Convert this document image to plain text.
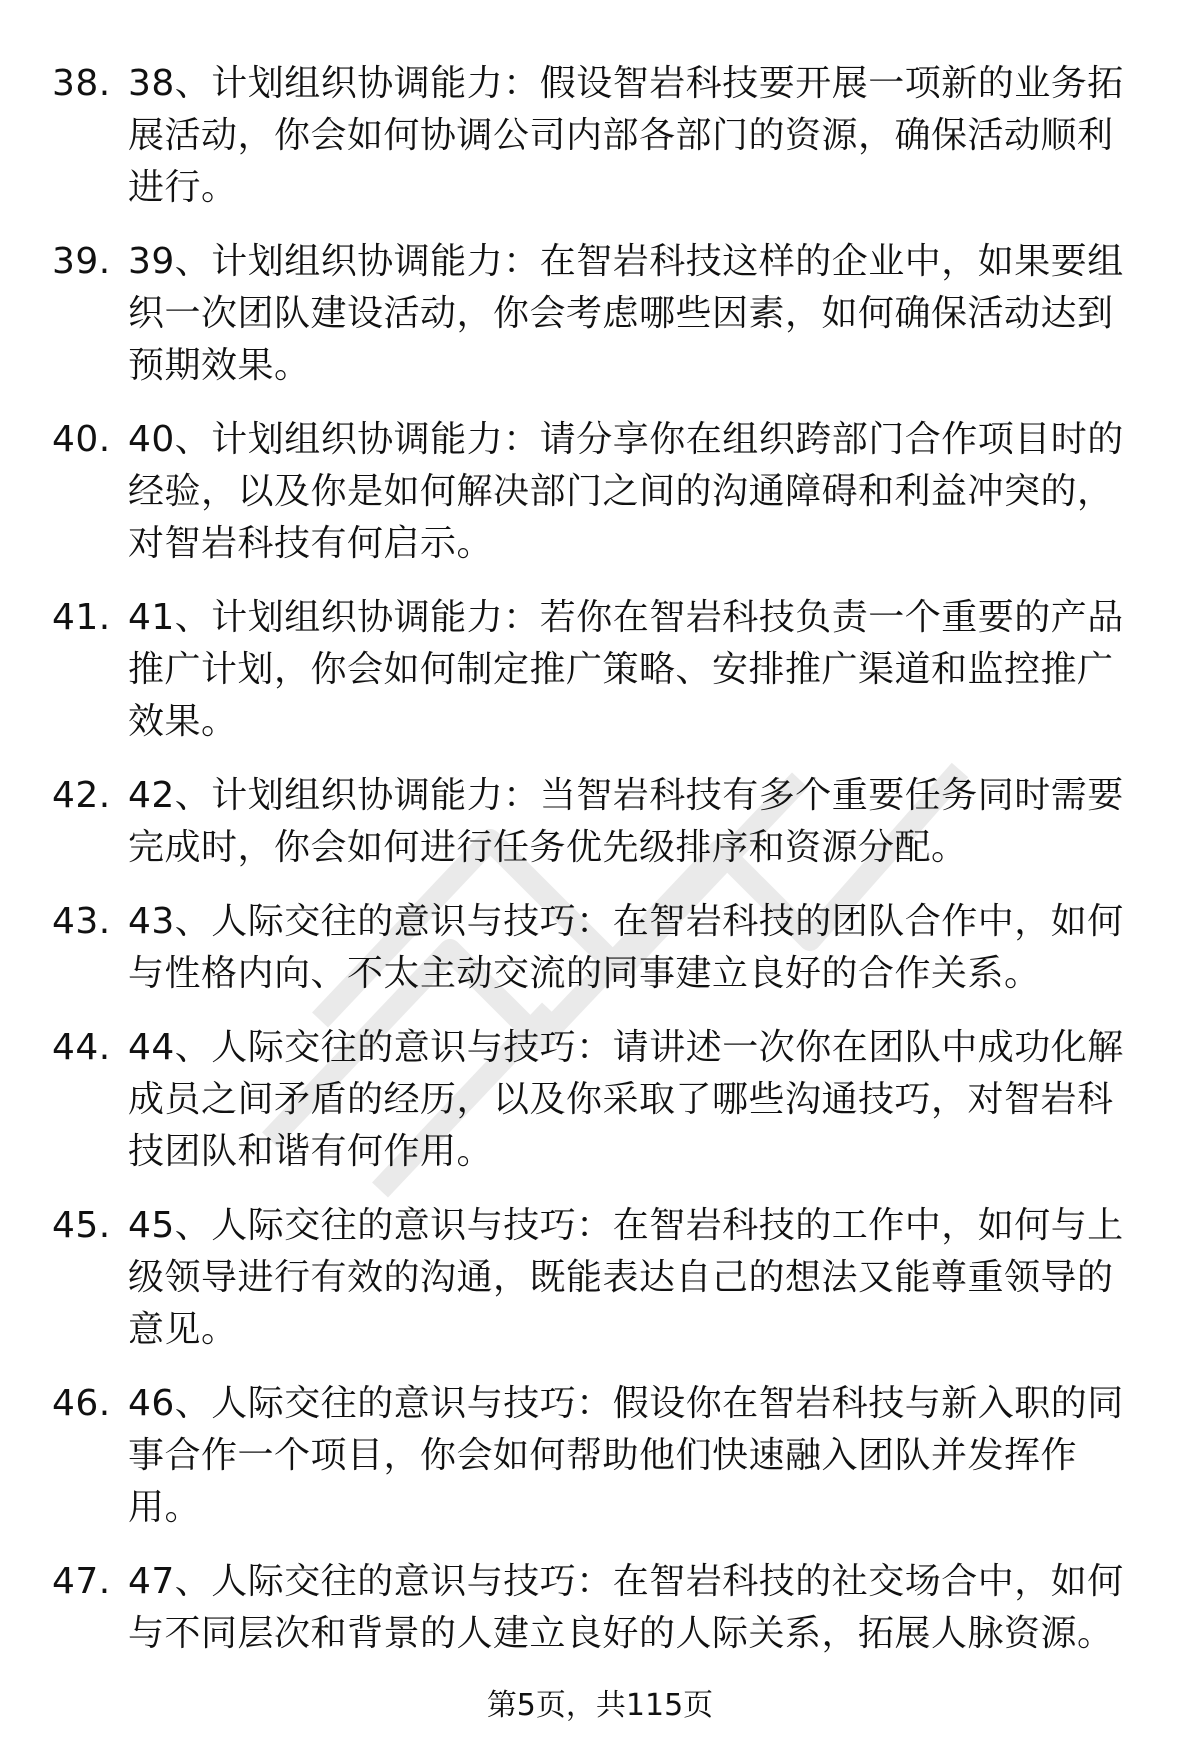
38. 38、计划组织协调能力：假设智岩科技要开展一项新的业务拓展活动，你会如何协调公司内部各部门的资源，确保活动顺利进行。
39. 39、计划组织协调能力：在智岩科技这样的企业中，如果要组织一次团队建设活动，你会考虑哪些因素，如何确保活动达到预期效果。
40. 40、计划组织协调能力：请分享你在组织跨部门合作项目时的经验，以及你是如何解决部门之间的沟通障碍和利益冲突的，对智岩科技有何启示。
41. 41、计划组织协调能力：若你在智岩科技负责一个重要的产品推广计划，你会如何制定推广策略、安排推广渠道和监控推广效果。
42. 42、计划组织协调能力：当智岩科技有多个重要任务同时需要完成时，你会如何进行任务优先级排序和资源分配。
43. 43、人际交往的意识与技巧：在智岩科技的团队合作中，如何与性格内向、不太主动交流的同事建立良好的合作关系。
44. 44、人际交往的意识与技巧：请讲述一次你在团队中成功化解成员之间矛盾的经历，以及你采取了哪些沟通技巧，对智岩科技团队和谐有何作用。
45. 45、人际交往的意识与技巧：在智岩科技的工作中，如何与上级领导进行有效的沟通，既能表达自己的想法又能尊重领导的意见。
46. 46、人际交往的意识与技巧：假设你在智岩科技与新入职的同事合作一个项目，你会如何帮助他们快速融入团队并发挥作用。
47. 47、人际交往的意识与技巧：在智岩科技的社交场合中，如何与不同层次和背景的人建立良好的人际关系，拓展人脉资源。
第5页，共115页
